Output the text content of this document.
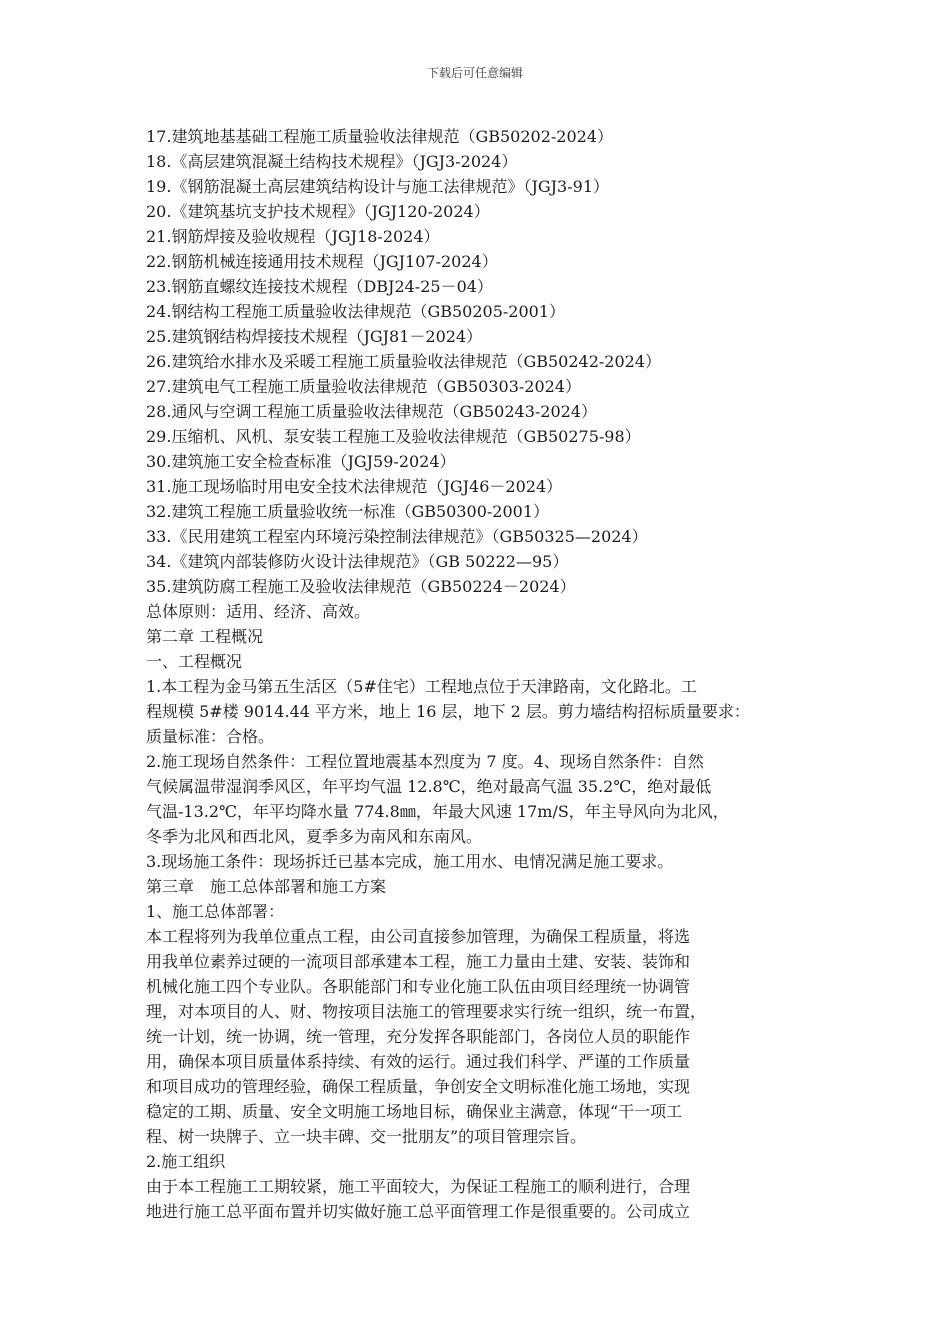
下载后可任意编辑
17.建筑地基基础工程施工质量验收法律规范（GB50202-2024）
18.《高层建筑混凝土结构技术规程》（JGJ3-2024）
19.《钢筋混凝土高层建筑结构设计与施工法律规范》（JGJ3-91）
20.《建筑基坑支护技术规程》（JGJ120-2024）
21.钢筋焊接及验收规程（JGJ18-2024）
22.钢筋机械连接通用技术规程（JGJ107-2024）
23.钢筋直螺纹连接技术规程（DBJ24-25－04）
24.钢结构工程施工质量验收法律规范（GB50205-2001）
25.建筑钢结构焊接技术规程（JGJ81－2024）
26.建筑给水排水及采暖工程施工质量验收法律规范（GB50242-2024）
27.建筑电气工程施工质量验收法律规范（GB50303-2024）
28.通风与空调工程施工质量验收法律规范（GB50243-2024）
29.压缩机、风机、泵安装工程施工及验收法律规范（GB50275-98）
30.建筑施工安全检查标准（JGJ59-2024）
31.施工现场临时用电安全技术法律规范（JGJ46－2024）
32.建筑工程施工质量验收统一标准（GB50300-2001）
33.《民用建筑工程室内环境污染控制法律规范》（GB50325—2024）
34.《建筑内部装修防火设计法律规范》（GB 50222—95）
35.建筑防腐工程施工及验收法律规范（GB50224－2024）
总体原则：适用、经济、高效。
第二章 工程概况
一、工程概况
1.本工程为金马第五生活区（5#住宅）工程地点位于天津路南，文化路北。工
程规模 5#楼 9014.44 平方米，地上 16 层，地下 2 层。剪力墙结构招标质量要求：
质量标准：合格。
2.施工现场自然条件：工程位置地震基本烈度为 7 度。4、现场自然条件：自然
气候属温带湿润季风区，年平均气温 12.8℃，绝对最高气温 35.2℃，绝对最低
气温-13.2℃，年平均降水量 774.8㎜，年最大风速 17m/S，年主导风向为北风，
冬季为北风和西北风，夏季多为南风和东南风。
3.现场施工条件：现场拆迁已基本完成，施工用水、电情况满足施工要求。
第三章　施工总体部署和施工方案
1、施工总体部署：
本工程将列为我单位重点工程，由公司直接参加管理，为确保工程质量，将选
用我单位素养过硬的一流项目部承建本工程，施工力量由土建、安装、装饰和
机械化施工四个专业队。各职能部门和专业化施工队伍由项目经理统一协调管
理，对本项目的人、财、物按项目法施工的管理要求实行统一组织，统一布置，
统一计划，统一协调，统一管理，充分发挥各职能部门，各岗位人员的职能作
用，确保本项目质量体系持续、有效的运行。通过我们科学、严谨的工作质量
和项目成功的管理经验，确保工程质量，争创安全文明标准化施工场地，实现
稳定的工期、质量、安全文明施工场地目标，确保业主满意，体现“干一项工
程、树一块牌子、立一块丰碑、交一批朋友”的项目管理宗旨。
2.施工组织
由于本工程施工工期较紧，施工平面较大，为保证工程施工的顺利进行，合理
地进行施工总平面布置并切实做好施工总平面管理工作是很重要的。公司成立
